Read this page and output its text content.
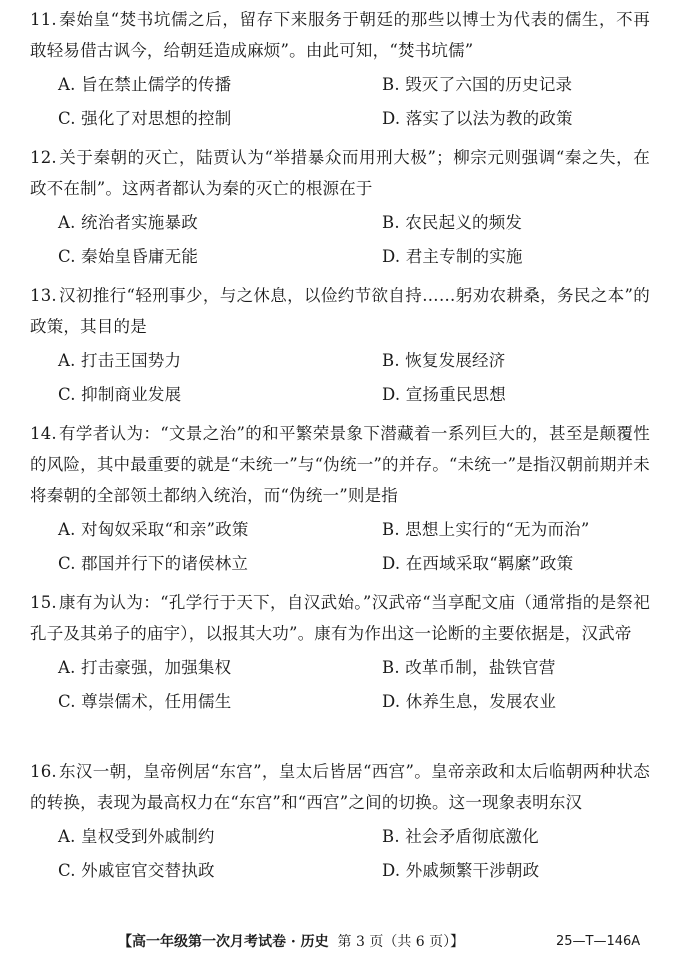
11. 秦始皇“焚书坑儒之后，留存下来服务于朝廷的那些以博士为代表的儒生，不再敢轻易借古讽今，给朝廷造成麻烦”。由此可知，“焚书坑儒”

A. 旨在禁止儒学的传播	B. 毁灭了六国的历史记录
C. 强化了对思想的控制	D. 落实了以法为教的政策

12. 关于秦朝的灭亡，陆贾认为“举措暴众而用刑大极”；柳宗元则强调“秦之失，在政不在制”。这两者都认为秦的灭亡的根源在于

A. 统治者实施暴政	B. 农民起义的频发
C. 秦始皇昏庸无能	D. 君主专制的实施

13. 汉初推行“轻刑事少，与之休息，以俭约节欲自持……躬劝农耕桑，务民之本”的政策，其目的是

A. 打击王国势力	B. 恢复发展经济
C. 抑制商业发展	D. 宣扬重民思想

14. 有学者认为：“文景之治”的和平繁荣景象下潜藏着一系列巨大的，甚至是颠覆性的风险，其中最重要的就是“未统一”与“伪统一”的并存。“未统一”是指汉朝前期并未将秦朝的全部领土都纳入统治，而“伪统一”则是指

A. 对匈奴采取“和亲”政策	B. 思想上实行的“无为而治”
C. 郡国并行下的诸侯林立	D. 在西域采取“羁縻”政策

15. 康有为认为：“孔学行于天下，自汉武始。”汉武帝“当享配文庙（通常指的是祭祀孔子及其弟子的庙宇），以报其大功”。康有为作出这一论断的主要依据是，汉武帝

A. 打击豪强，加强集权	B. 改革币制，盐铁官营
C. 尊崇儒术，任用儒生	D. 休养生息，发展农业

16. 东汉一朝，皇帝例居“东宫”，皇太后皆居“西宫”。皇帝亲政和太后临朝两种状态的转换，表现为最高权力在“东宫”和“西宫”之间的切换。这一现象表明东汉

A. 皇权受到外戚制约	B. 社会矛盾彻底激化
C. 外戚宦官交替执政	D. 外戚频繁干涉朝政
【高一年级第一次月考试卷 · 历史 第 3 页（共 6 页）】	25—T—146A
